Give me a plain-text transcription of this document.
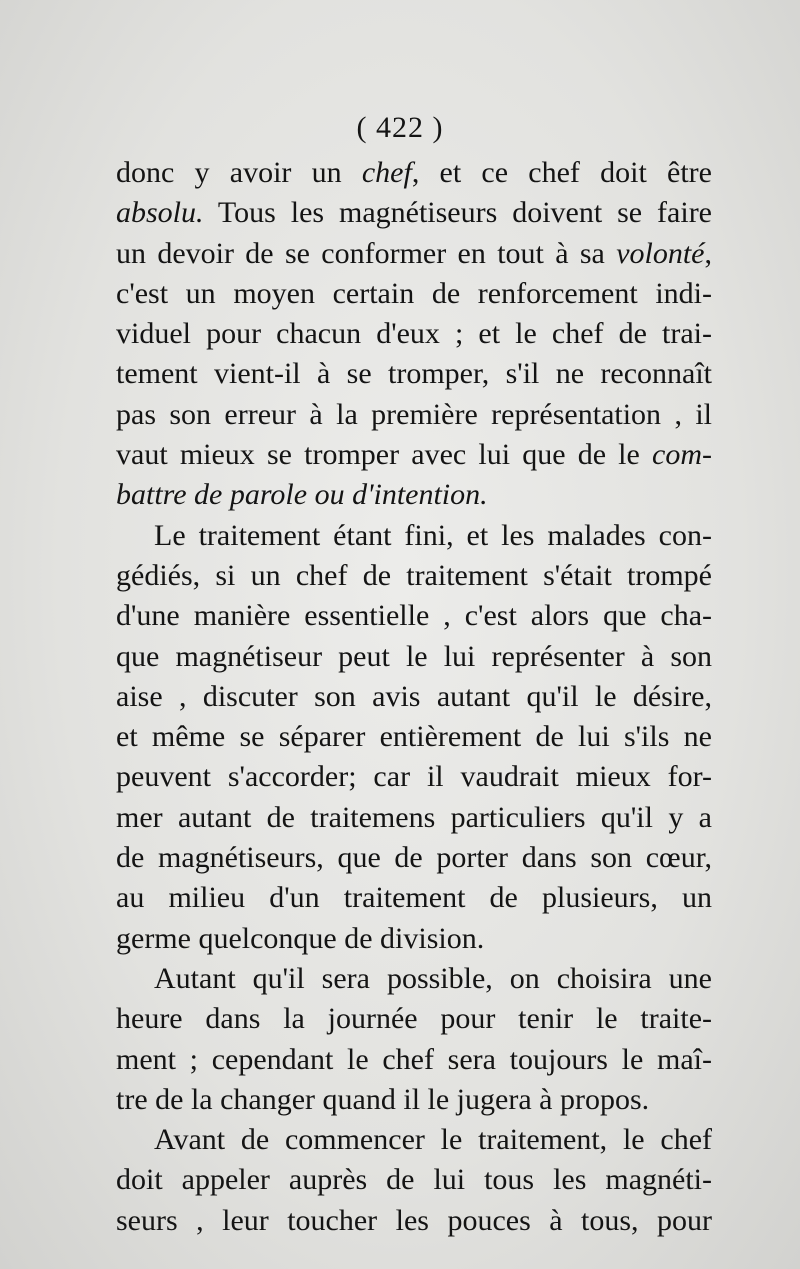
( 422 )
donc y avoir un chef, et ce chef doit être
absolu. Tous les magnétiseurs doivent se faire
un devoir de se conformer en tout à sa volonté,
c'est un moyen certain de renforcement indi-
viduel pour chacun d'eux ; et le chef de trai-
tement vient-il à se tromper, s'il ne reconnaît
pas son erreur à la première représentation , il
vaut mieux se tromper avec lui que de le com-
battre de parole ou d'intention.
Le traitement étant fini, et les malades con-
gédiés, si un chef de traitement s'était trompé
d'une manière essentielle , c'est alors que cha-
que magnétiseur peut le lui représenter à son
aise , discuter son avis autant qu'il le désire,
et même se séparer entièrement de lui s'ils ne
peuvent s'accorder; car il vaudrait mieux for-
mer autant de traitemens particuliers qu'il y a
de magnétiseurs, que de porter dans son cœur,
au milieu d'un traitement de plusieurs, un
germe quelconque de division.
Autant qu'il sera possible, on choisira une
heure dans la journée pour tenir le traite-
ment ; cependant le chef sera toujours le maî-
tre de la changer quand il le jugera à propos.
Avant de commencer le traitement, le chef
doit appeler auprès de lui tous les magnéti-
seurs , leur toucher les pouces à tous, pour
